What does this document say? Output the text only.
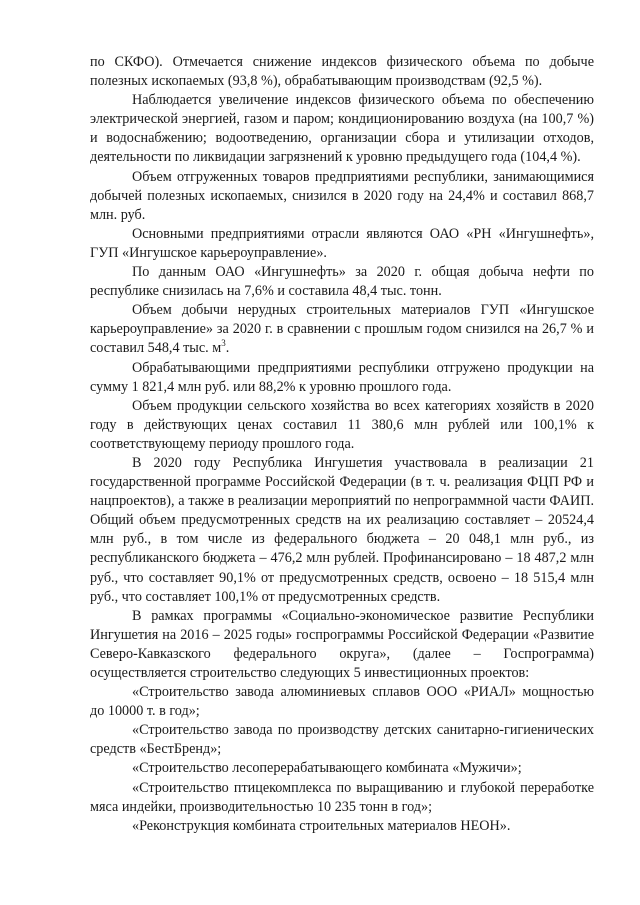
по СКФО). Отмечается снижение индексов физического объема по добыче полезных ископаемых (93,8 %), обрабатывающим производствам (92,5 %).

Наблюдается увеличение индексов физического объема по обеспечению электрической энергией, газом и паром; кондиционированию воздуха (на 100,7 %) и водоснабжению; водоотведению, организации сбора и утилизации отходов, деятельности по ликвидации загрязнений к уровню предыдущего года (104,4 %).

Объем отгруженных товаров предприятиями республики, занимающимися добычей полезных ископаемых, снизился в 2020 году на 24,4% и составил 868,7 млн. руб.

Основными предприятиями отрасли являются ОАО «РН «Ингушнефть», ГУП «Ингушское карьероуправление».

По данным ОАО «Ингушнефть» за 2020 г. общая добыча нефти по республике снизилась на 7,6% и составила 48,4 тыс. тонн.

Объем добычи нерудных строительных материалов ГУП «Ингушское карьероуправление» за 2020 г. в сравнении с прошлым годом снизился на 26,7 % и составил 548,4 тыс. $м^3$.

Обрабатывающими предприятиями республики отгружено продукции на сумму 1 821,4 млн руб. или 88,2% к уровню прошлого года.

Объем продукции сельского хозяйства во всех категориях хозяйств в 2020 году в действующих ценах составил 11 380,6 млн рублей или 100,1% к соответствующему периоду прошлого года.

В 2020 году Республика Ингушетия участвовала в реализации 21 государственной программе Российской Федерации (в т. ч. реализация ФЦП РФ и нацпроектов), а также в реализации мероприятий по непрограммной части ФАИП. Общий объем предусмотренных средств на их реализацию составляет – 20524,4 млн руб., в том числе из федерального бюджета – 20 048,1 млн руб., из республиканского бюджета – 476,2 млн рублей. Профинансировано – 18 487,2 млн руб., что составляет 90,1% от предусмотренных средств, освоено – 18 515,4 млн руб., что составляет 100,1% от предусмотренных средств.

В рамках программы «Социально-экономическое развитие Республики Ингушетия на 2016 – 2025 годы» госпрограммы Российской Федерации «Развитие Северо-Кавказского федерального округа», (далее – Госпрограмма) осуществляется строительство следующих 5 инвестиционных проектов:

«Строительство завода алюминиевых сплавов ООО «РИАЛ» мощностью до 10000 т. в год»;

«Строительство завода по производству детских санитарно-гигиенических средств «БестБренд»;

«Строительство лесоперерабатывающего комбината «Мужичи»;

«Строительство птицекомплекса по выращиванию и глубокой переработке мяса индейки, производительностью 10 235 тонн в год»;

«Реконструкция комбината строительных материалов НЕОН».
